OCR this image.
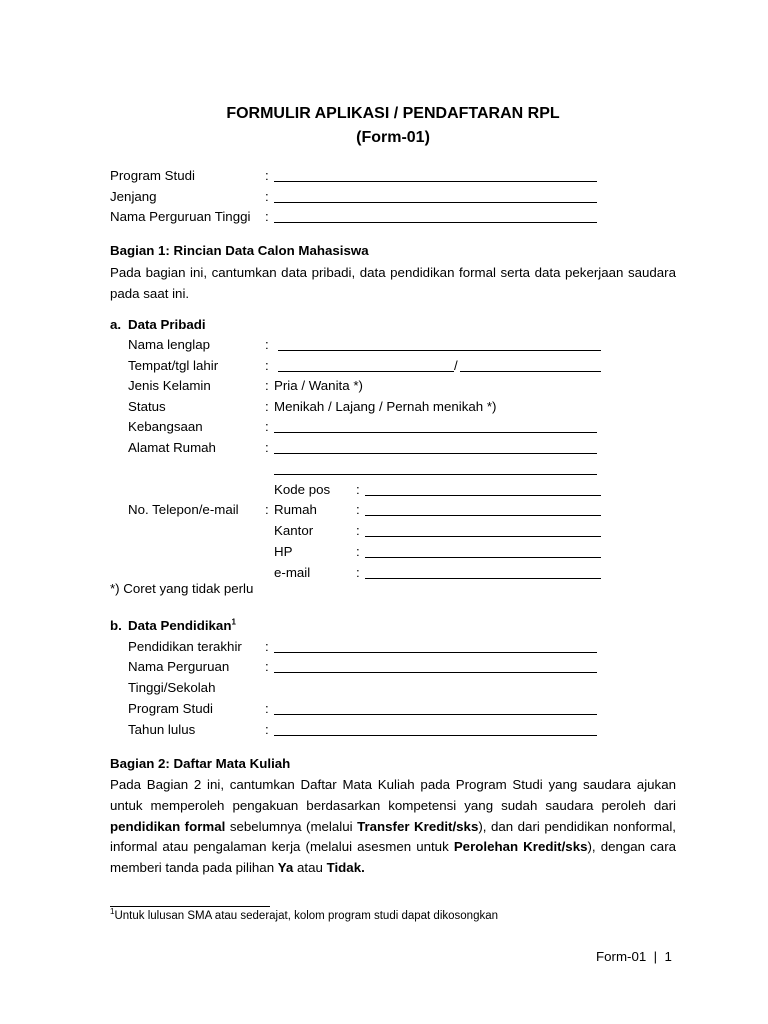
FORMULIR APLIKASI / PENDAFTARAN RPL
(Form-01)
Program Studi	:
Jenjang	:
Nama Perguruan Tinggi :
Bagian 1: Rincian Data Calon Mahasiswa

Pada bagian ini, cantumkan data pribadi, data pendidikan formal serta data pekerjaan saudara pada saat ini.

a. Data Pribadi
Nama lenglap	:
Tempat/tgl lahir	:	/
Jenis Kelamin	: Pria / Wanita *)
Status	: Menikah / Lajang / Pernah menikah *)
Kebangsaan	:
Alamat Rumah	:
Kode pos :
No. Telepon/e-mail : Rumah	:
Kantor	:
HP	:
e-mail	:
*) Coret yang tidak perlu
b. Data Pendidikan$^1$
Pendidikan terakhir :
Nama Perguruan	:
Tinggi/Sekolah
Program Studi	:
Tahun lulus	:
Bagian 2: Daftar Mata Kuliah

Pada Bagian 2 ini, cantumkan Daftar Mata Kuliah pada Program Studi yang saudara ajukan untuk memperoleh pengakuan berdasarkan kompetensi yang sudah saudara peroleh dari pendidikan formal sebelumnya (melalui Transfer Kredit/sks), dan dari pendidikan nonformal, informal atau pengalaman kerja (melalui asesmen untuk Perolehan Kredit/sks), dengan cara memberi tanda pada pilihan Ya atau Tidak.

$^1$Untuk lulusan SMA atau sederajat, kolom program studi dapat dikosongkan
Form-01 | 1
